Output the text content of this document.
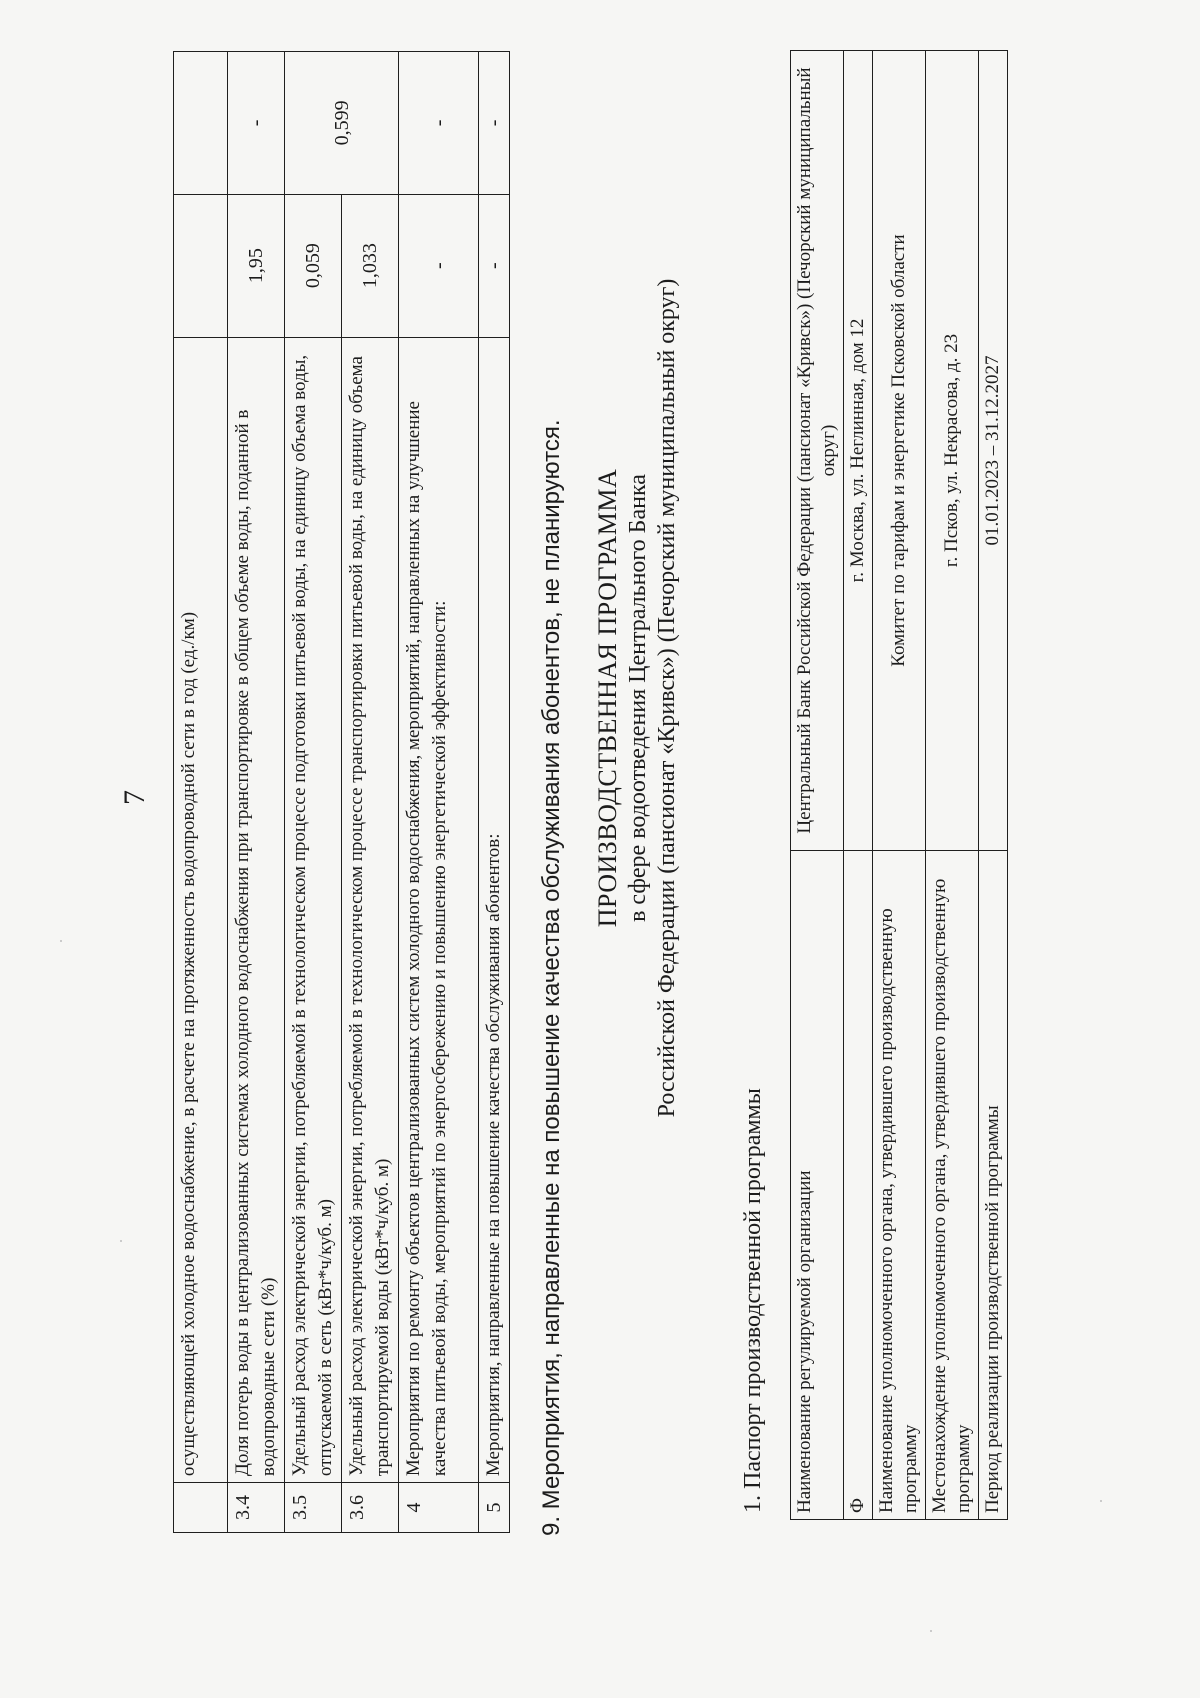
7
	осуществляющей холодное водоснабжение, в расчете на протяженность водопроводной сети в год (ед./км)		
3.4	Доля потерь воды в централизованных системах холодного водоснабжения при транспортировке в общем объеме воды, поданной в водопроводные сети (%)	1,95	-
3.5	Удельный расход электрической энергии, потребляемой в технологическом процессе подготовки питьевой воды, на единицу объема воды, отпускаемой в сеть (кВт*ч/куб. м)	0,059	0,599
3.6	Удельный расход электрической энергии, потребляемой в технологическом процессе транспортировки питьевой воды, на единицу объема транспортируемой воды (кВт*ч/куб. м)	1,033	
4	Мероприятия по ремонту объектов централизованных систем холодного водоснабжения, мероприятий, направленных на улучшение качества питьевой воды, мероприятий по энергосбережению и повышению энергетической эффективности:	-	-
5	Мероприятия, направленные на повышение качества обслуживания абонентов:	-	-
9. Мероприятия, направленные на повышение качества обслуживания абонентов, не планируются. ПРОИЗВОДСТВЕННАЯ ПРОГРАММА в сфере водоотведения Центрального Банка Российской Федерации (пансионат «Кривск») (Печорский муниципальный округ)
1. Паспорт производственной программы Наименование регулируемой организации	Центральный Банк Российской Федерации (пансионат «Кривск») (Печорский муниципальный округ)
Ф	г. Москва, ул. Неглинная, дом 12
Наименование уполномоченного органа, утвердившего производственную программу	Комитет по тарифам и энергетике Псковской области
Местонахождение уполномоченного органа, утвердившего производственную программу	г. Псков, ул. Некрасова, д. 23
Период реализации производственной программы	01.01.2023 – 31.12.2027
